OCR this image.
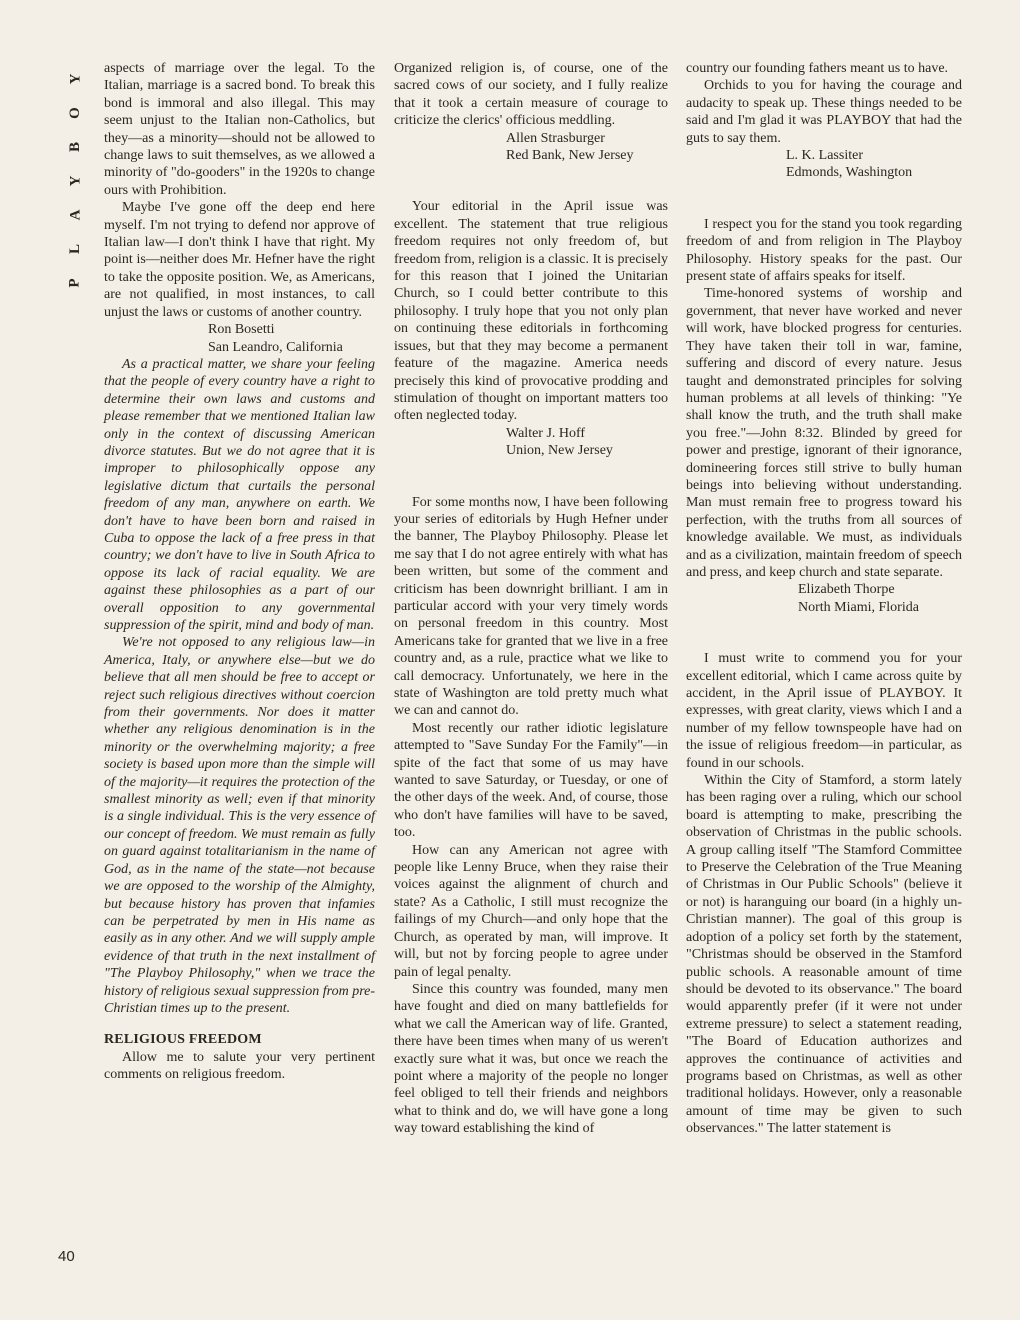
Y
O
B
Y
A
L
P
40

aspects of marriage over the legal. To the Italian, marriage is a sacred bond. To break this bond is immoral and also illegal. This may seem unjust to the Italian non-Catholics, but they—as a minority—should not be allowed to change laws to suit themselves, as we allowed a minority of "do-gooders" in the 1920s to change ours with Prohibition.

Maybe I've gone off the deep end here myself. I'm not trying to defend nor approve of Italian law—I don't think I have that right. My point is—neither does Mr. Hefner have the right to take the opposite position. We, as Americans, are not qualified, in most instances, to call unjust the laws or customs of another country.

Ron Bosetti

San Leandro, California

As a practical matter, we share your feeling that the people of every country have a right to determine their own laws and customs and please remember that we mentioned Italian law only in the context of discussing American divorce statutes. But we do not agree that it is improper to philosophically oppose any legislative dictum that curtails the personal freedom of any man, anywhere on earth. We don't have to have been born and raised in Cuba to oppose the lack of a free press in that country; we don't have to live in South Africa to oppose its lack of racial equality. We are against these philosophies as a part of our overall opposition to any governmental suppression of the spirit, mind and body of man.

We're not opposed to any religious law—in America, Italy, or anywhere else—but we do believe that all men should be free to accept or reject such religious directives without coercion from their governments. Nor does it matter whether any religious denomination is in the minority or the overwhelming majority; a free society is based upon more than the simple will of the majority—it requires the protection of the smallest minority as well; even if that minority is a single individual. This is the very essence of our concept of freedom. We must remain as fully on guard against totalitarianism in the name of God, as in the name of the state—not because we are opposed to the worship of the Almighty, but because history has proven that infamies can be perpetrated by men in His name as easily as in any other. And we will supply ample evidence of that truth in the next installment of "The Playboy Philosophy," when we trace the history of religious sexual suppression from pre-Christian times up to the present.

RELIGIOUS FREEDOM

Allow me to salute your very pertinent comments on religious freedom.

Organized religion is, of course, one of the sacred cows of our society, and I fully realize that it took a certain measure of courage to criticize the clerics' officious meddling.

Allen Strasburger

Red Bank, New Jersey

Your editorial in the April issue was excellent. The statement that true religious freedom requires not only freedom of, but freedom from, religion is a classic. It is precisely for this reason that I joined the Unitarian Church, so I could better contribute to this philosophy. I truly hope that you not only plan on continuing these editorials in forthcoming issues, but that they may become a permanent feature of the magazine. America needs precisely this kind of provocative prodding and stimulation of thought on important matters too often neglected today.

Walter J. Hoff

Union, New Jersey

For some months now, I have been following your series of editorials by Hugh Hefner under the banner, The Playboy Philosophy. Please let me say that I do not agree entirely with what has been written, but some of the comment and criticism has been downright brilliant. I am in particular accord with your very timely words on personal freedom in this country. Most Americans take for granted that we live in a free country and, as a rule, practice what we like to call democracy. Unfortunately, we here in the state of Washington are told pretty much what we can and cannot do.

Most recently our rather idiotic legislature attempted to "Save Sunday For the Family"—in spite of the fact that some of us may have wanted to save Saturday, or Tuesday, or one of the other days of the week. And, of course, those who don't have families will have to be saved, too.

How can any American not agree with people like Lenny Bruce, when they raise their voices against the alignment of church and state? As a Catholic, I still must recognize the failings of my Church—and only hope that the Church, as operated by man, will improve. It will, but not by forcing people to agree under pain of legal penalty.

Since this country was founded, many men have fought and died on many battlefields for what we call the American way of life. Granted, there have been times when many of us weren't exactly sure what it was, but once we reach the point where a majority of the people no longer feel obliged to tell their friends and neighbors what to think and do, we will have gone a long way toward establishing the kind of

country our founding fathers meant us to have.

Orchids to you for having the courage and audacity to speak up. These things needed to be said and I'm glad it was PLAYBOY that had the guts to say them.

L. K. Lassiter

Edmonds, Washington

I respect you for the stand you took regarding freedom of and from religion in The Playboy Philosophy. History speaks for the past. Our present state of affairs speaks for itself.

Time-honored systems of worship and government, that never have worked and never will work, have blocked progress for centuries. They have taken their toll in war, famine, suffering and discord of every nature. Jesus taught and demonstrated principles for solving human problems at all levels of thinking: "Ye shall know the truth, and the truth shall make you free."—John 8:32. Blinded by greed for power and prestige, ignorant of their ignorance, domineering forces still strive to bully human beings into believing without understanding. Man must remain free to progress toward his perfection, with the truths from all sources of knowledge available. We must, as individuals and as a civilization, maintain freedom of speech and press, and keep church and state separate.

Elizabeth Thorpe

North Miami, Florida

I must write to commend you for your excellent editorial, which I came across quite by accident, in the April issue of PLAYBOY. It expresses, with great clarity, views which I and a number of my fellow townspeople have had on the issue of religious freedom—in particular, as found in our schools.

Within the City of Stamford, a storm lately has been raging over a ruling, which our school board is attempting to make, prescribing the observation of Christmas in the public schools. A group calling itself "The Stamford Committee to Preserve the Celebration of the True Meaning of Christmas in Our Public Schools" (believe it or not) is haranguing our board (in a highly un-Christian manner). The goal of this group is adoption of a policy set forth by the statement, "Christmas should be observed in the Stamford public schools. A reasonable amount of time should be devoted to its observance." The board would apparently prefer (if it were not under extreme pressure) to select a statement reading, "The Board of Education authorizes and approves the continuance of activities and programs based on Christmas, as well as other traditional holidays. However, only a reasonable amount of time may be given to such observances." The latter statement is
